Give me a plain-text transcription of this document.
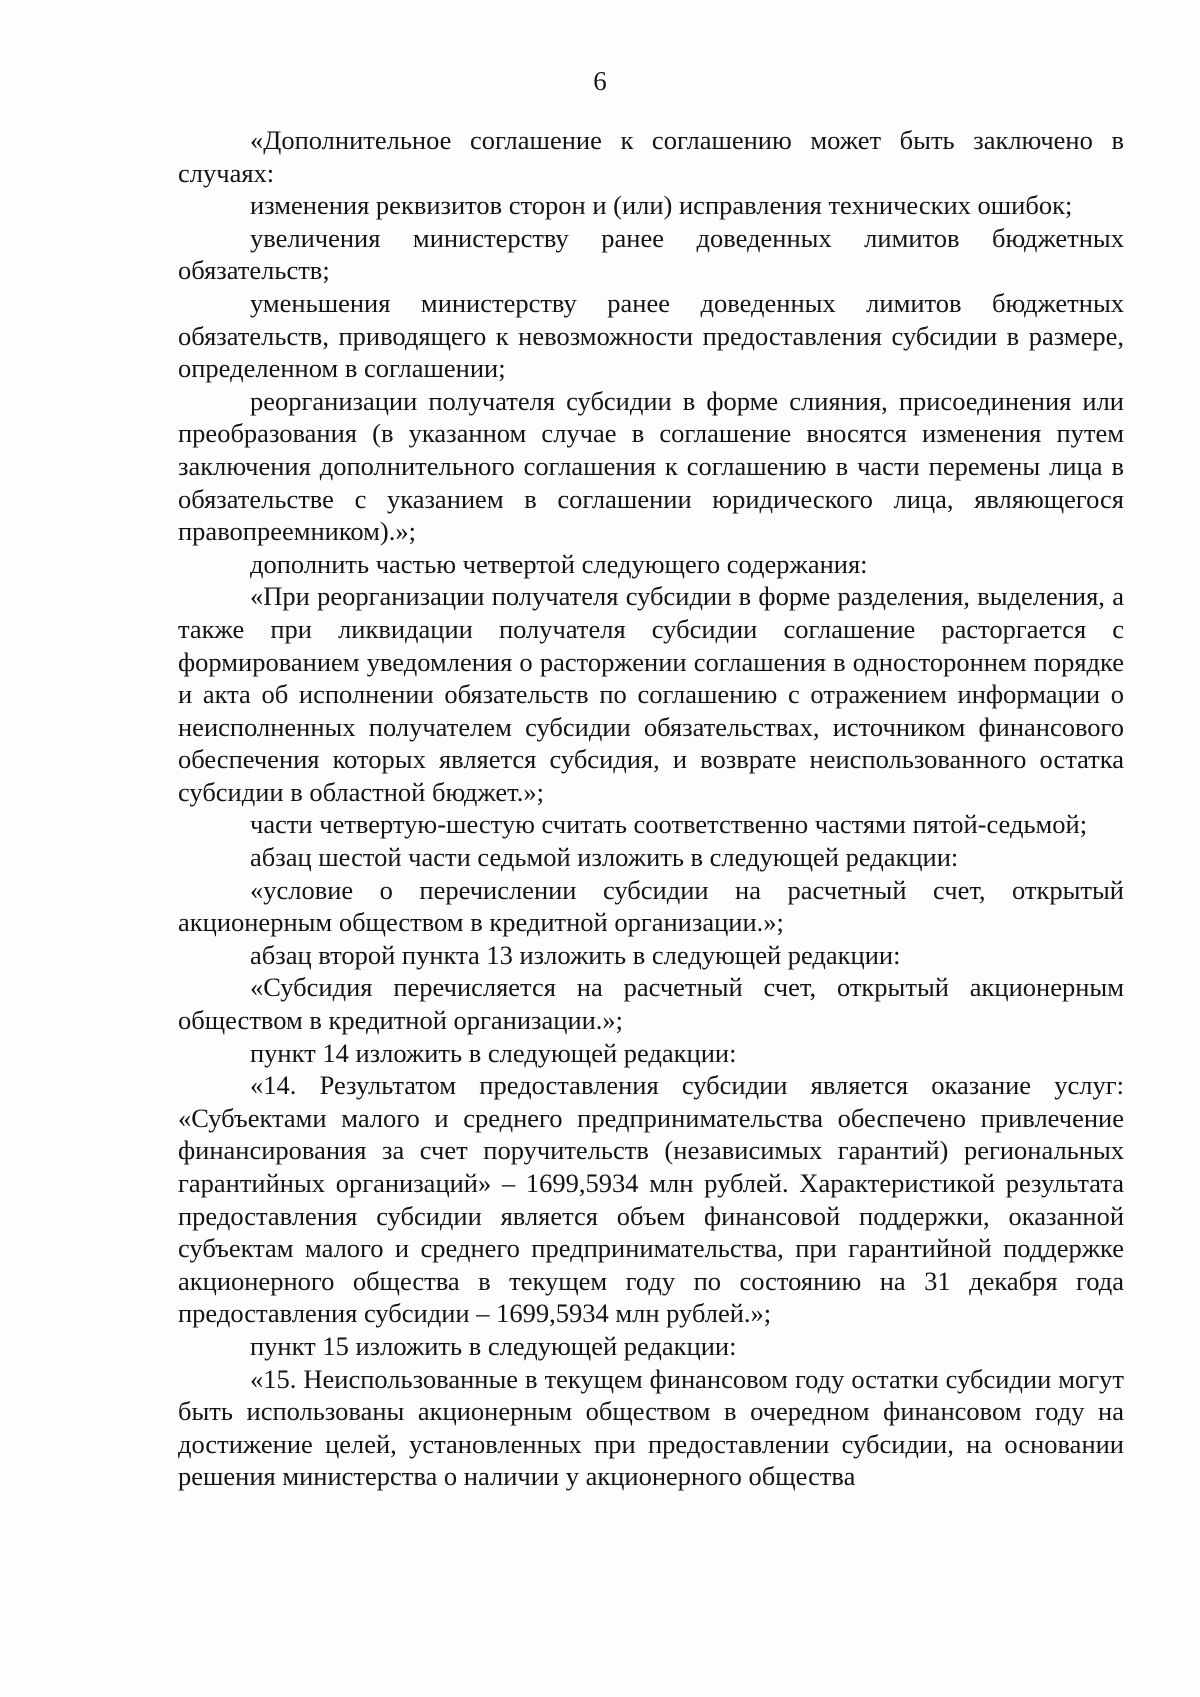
6

«Дополнительное соглашение к соглашению может быть заключено в случаях:

изменения реквизитов сторон и (или) исправления технических ошибок;

увеличения министерству ранее доведенных лимитов бюджетных обязательств;

уменьшения министерству ранее доведенных лимитов бюджетных обязательств, приводящего к невозможности предоставления субсидии в размере, определенном в соглашении;

реорганизации получателя субсидии в форме слияния, присоединения или преобразования (в указанном случае в соглашение вносятся изменения путем заключения дополнительного соглашения к соглашению в части перемены лица в обязательстве с указанием в соглашении юридического лица, являющегося правопреемником).»;

дополнить частью четвертой следующего содержания:

«При реорганизации получателя субсидии в форме разделения, выделения, а также при ликвидации получателя субсидии соглашение расторгается с формированием уведомления о расторжении соглашения в одностороннем порядке и акта об исполнении обязательств по соглашению с отражением информации о неисполненных получателем субсидии обязательствах, источником финансового обеспечения которых является субсидия, и возврате неиспользованного остатка субсидии в областной бюджет.»;

части четвертую-шестую считать соответственно частями пятой-седьмой;

абзац шестой части седьмой изложить в следующей редакции:

«условие о перечислении субсидии на расчетный счет, открытый акционерным обществом в кредитной организации.»;

абзац второй пункта 13 изложить в следующей редакции:

«Субсидия перечисляется на расчетный счет, открытый акционерным обществом в кредитной организации.»;

пункт 14 изложить в следующей редакции:

«14. Результатом предоставления субсидии является оказание услуг: «Субъектами малого и среднего предпринимательства обеспечено привлечение финансирования за счет поручительств (независимых гарантий) региональных гарантийных организаций» – 1699,5934 млн рублей. Характеристикой результата предоставления субсидии является объем финансовой поддержки, оказанной субъектам малого и среднего предпринимательства, при гарантийной поддержке акционерного общества в текущем году по состоянию на 31 декабря года предоставления субсидии – 1699,5934 млн рублей.»;

пункт 15 изложить в следующей редакции:

«15. Неиспользованные в текущем финансовом году остатки субсидии могут быть использованы акционерным обществом в очередном финансовом году на достижение целей, установленных при предоставлении субсидии, на основании решения министерства о наличии у акционерного общества
